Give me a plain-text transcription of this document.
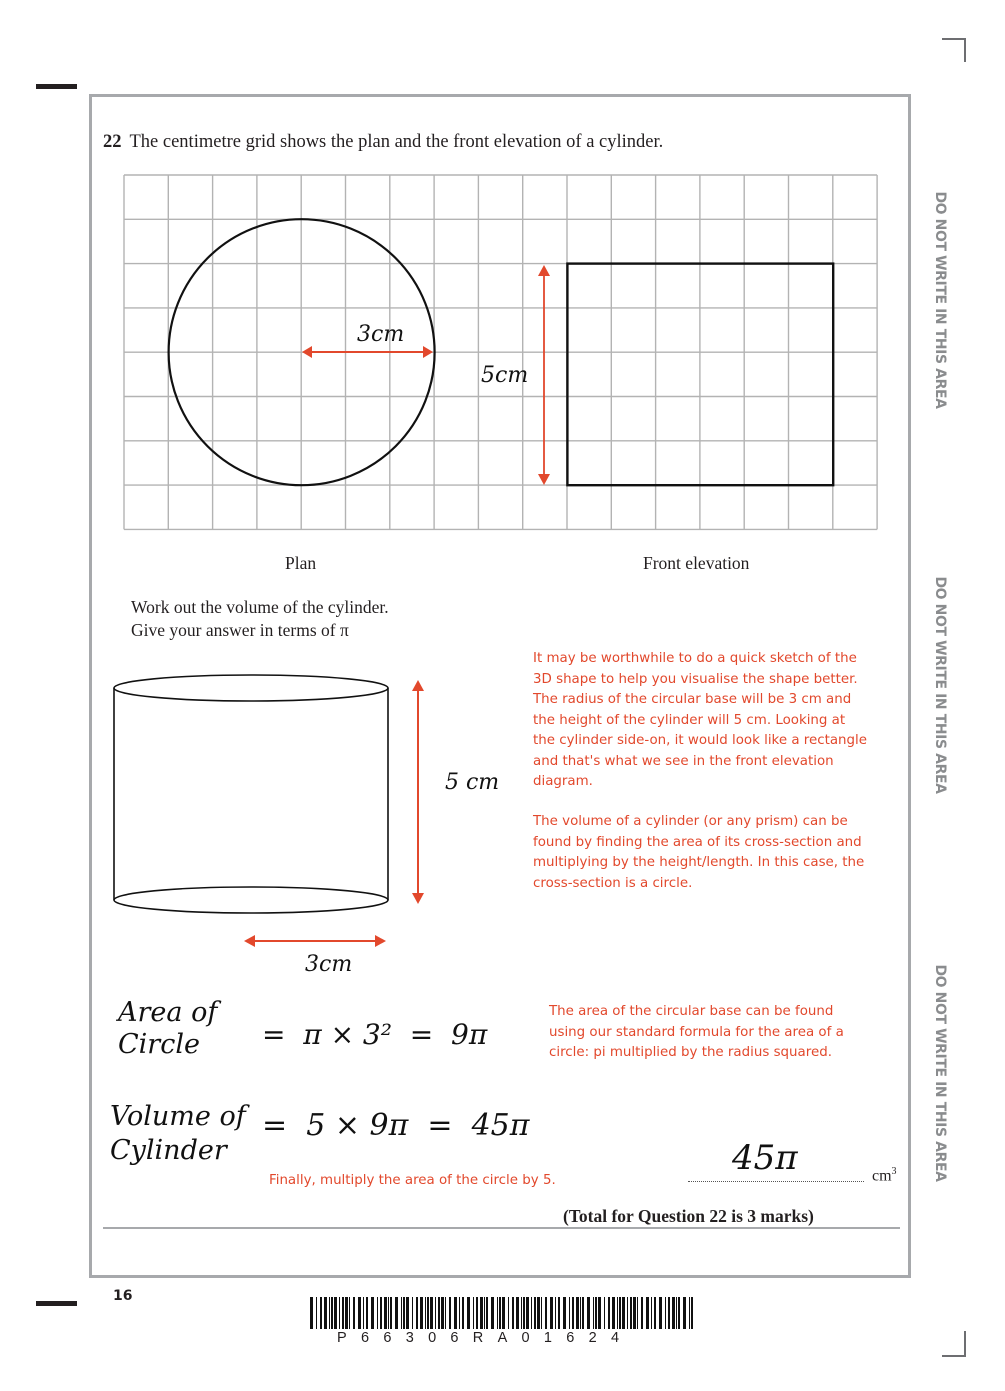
DO NOT WRITE IN THIS AREA
DO NOT WRITE IN THIS AREA
DO NOT WRITE IN THIS AREA
22 The centimetre grid shows the plan and the front elevation of a cylinder.
3cm
5cm
Plan	Front elevation
Work out the volume of the cylinder.
Give your answer in terms of π
5 cm
3cm
It may be worthwhile to do a quick sketch of the 3D shape to help you visualise the shape better. The radius of the circular base will be 3 cm and the height of the cylinder will 5 cm. Looking at the cylinder side-on, it would look like a rectangle and that's what we see in the front elevation diagram.
The volume of a cylinder (or any prism) can be found by finding the area of its cross-section and multiplying by the height/length. In this case, the cross-section is a circle.
The area of the circular base can be found using our standard formula for the area of a circle: pi multiplied by the radius squared.
Finally, multiply the area of the circle by 5.
Area of
Circle	=  π × 3²  =  9π
Volume of
Cylinder
=  5 × 9π  =  45π
45π	$cm^3$
(Total for Question 22 is 3 marks)
16
P66306RA01624
